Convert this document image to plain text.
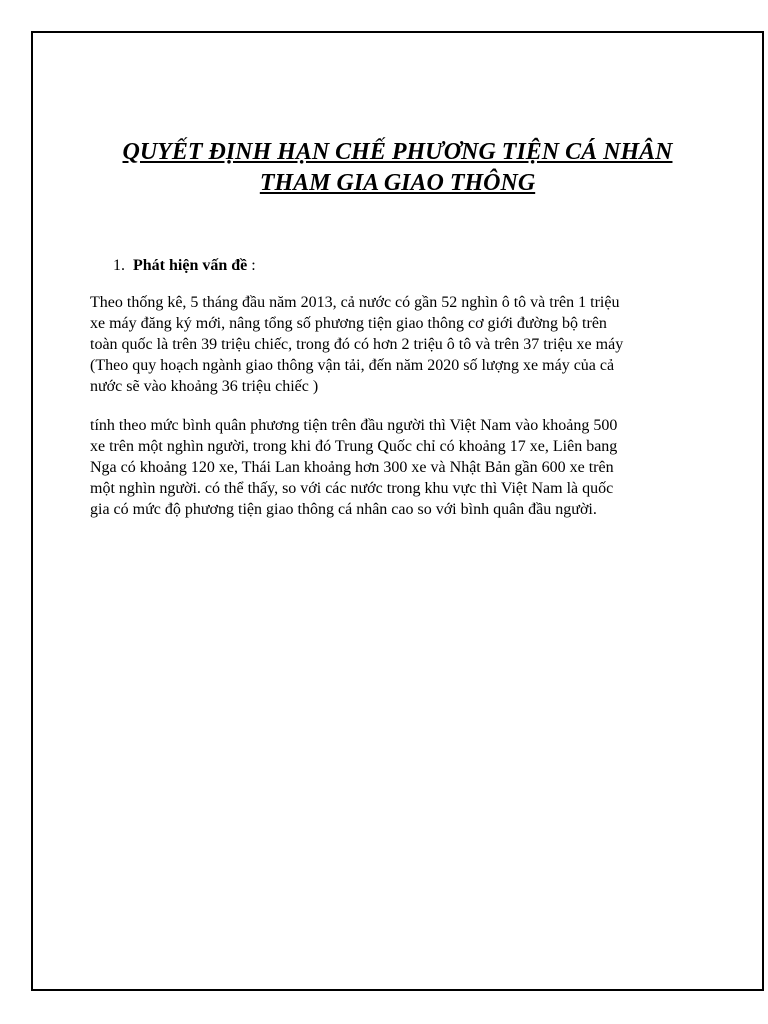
QUYẾT ĐỊNH HẠN CHẾ PHƯƠNG TIỆN CÁ NHÂN
THAM GIA GIAO THÔNG

1. Phát hiện vấn đề :

Theo thống kê, 5 tháng đầu năm 2013, cả nước có gần 52 nghìn ô tô và trên 1 triệu
xe máy đăng ký mới, nâng tổng số phương tiện giao thông cơ giới đường bộ trên
toàn quốc là trên 39 triệu chiếc, trong đó có hơn 2 triệu ô tô và trên 37 triệu xe máy
(Theo quy hoạch ngành giao thông vận tải, đến năm 2020 số lượng xe máy của cả
nước sẽ vào khoảng 36 triệu chiếc )

tính theo mức bình quân phương tiện trên đầu người thì Việt Nam vào khoảng 500
xe trên một nghìn người, trong khi đó Trung Quốc chỉ có khoảng 17 xe, Liên bang
Nga có khoảng 120 xe, Thái Lan khoảng hơn 300 xe và Nhật Bản gần 600 xe trên
một nghìn người. có thể thấy, so với các nước trong khu vực thì Việt Nam là quốc
gia có mức độ phương tiện giao thông cá nhân cao so với bình quân đầu người.
